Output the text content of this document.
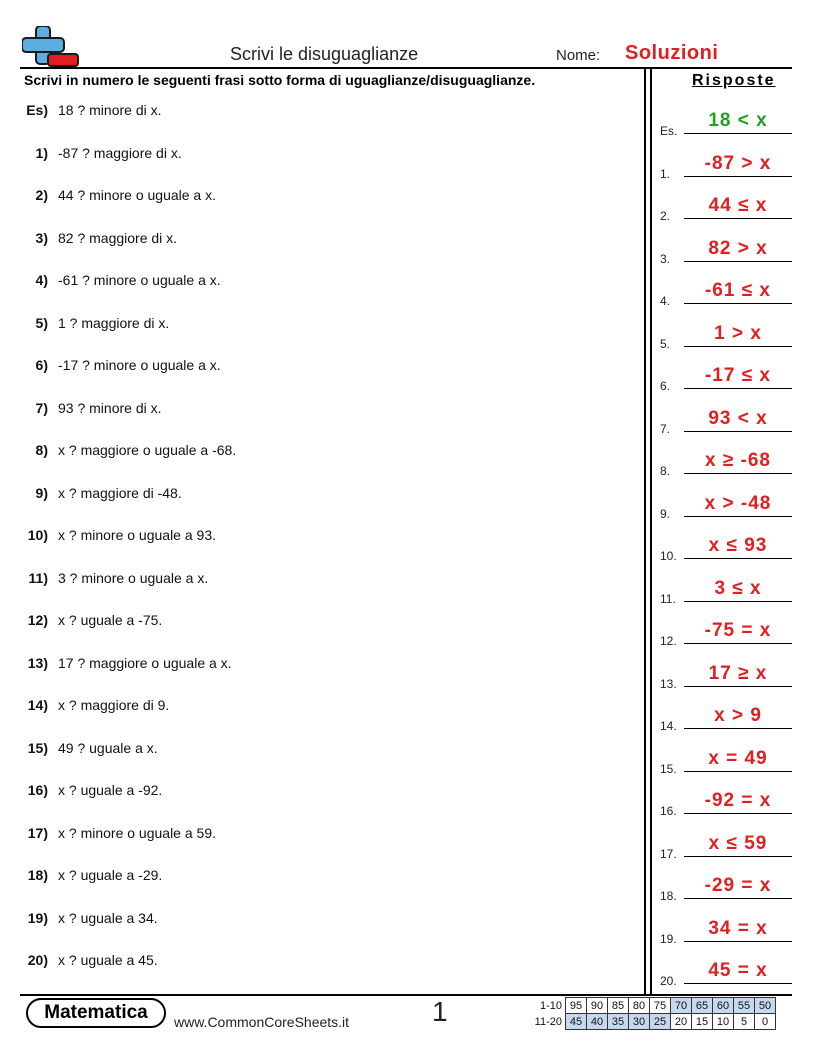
Scrivi le disuguaglianze	Nome: Soluzioni
Scrivi in numero le seguenti frasi sotto forma di uguaglianze/disuguaglianze.	Risposte
Es) 18 ? minore di x.
1) -87 ? maggiore di x.
2) 44 ? minore o uguale a x.
3) 82 ? maggiore di x.
4) -61 ? minore o uguale a x.
5) 1 ? maggiore di x.
6) -17 ? minore o uguale a x.
7) 93 ? minore di x.
8) x ? maggiore o uguale a -68.
9) x ? maggiore di -48.
10) x ? minore o uguale a 93.
11) 3 ? minore o uguale a x.
12) x ? uguale a -75.
13) 17 ? maggiore o uguale a x.
14) x ? maggiore di 9.
15) 49 ? uguale a x.
16) x ? uguale a -92.
17) x ? minore o uguale a 59.
18) x ? uguale a -29.
19) x ? uguale a 34.
20) x ? uguale a 45.
Es.	18 < x
1.	-87 > x
2.	44 ≤ x
3.	82 > x
4.	-61 ≤ x
5.	1 > x
6.	-17 ≤ x
7.	93 < x
8.	x ≥ -68
9.	x > -48
10.	x ≤ 93
11.	3 ≤ x
12.	-75 = x
13.	17 ≥ x
14.	x > 9
15.	x = 49
16.	-92 = x
17.	x ≤ 59
18.	-29 = x
19.	34 = x
20.	45 = x
Matematica	www.CommonCoreSheets.it	1	1-10	95	90	85	80	75	70	65	60	55	50
11-20	45	40	35	30	25	20	15	10	5	0
